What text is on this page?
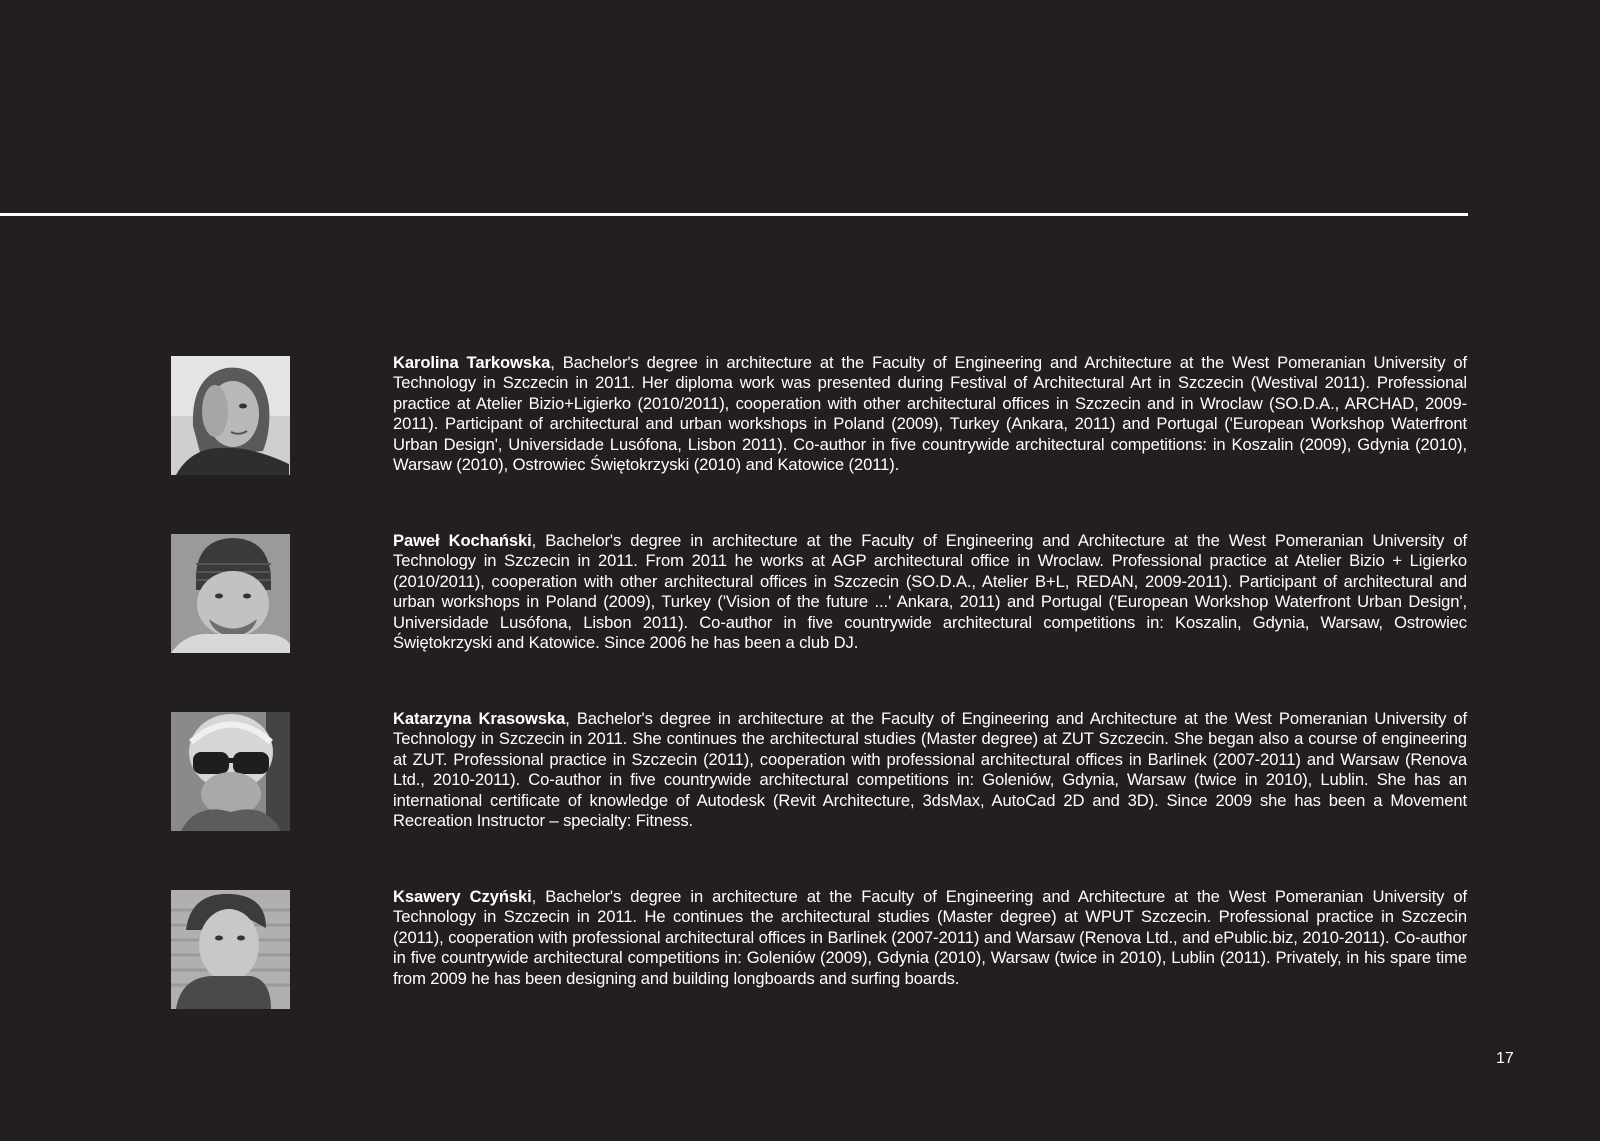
Karolina Tarkowska, Bachelor's degree in architecture at the Faculty of Engineering and Architecture at the West Pomeranian University of Technology in Szczecin in 2011. Her diploma work was presented during Festival of Architectural Art in Szczecin (Westival 2011). Professional practice at Atelier Bizio+Ligierko (2010/2011), cooperation with other architectural offices in Szczecin and in Wroclaw (SO.D.A., ARCHAD, 2009-2011). Participant of architectural and urban workshops in Poland (2009), Turkey (Ankara, 2011) and Portugal ('European Workshop Waterfront Urban Design', Universidade Lusófona, Lisbon 2011). Co-author in five countrywide architectural competitions: in Koszalin (2009), Gdynia (2010), Warsaw (2010), Ostrowiec Świętokrzyski (2010) and Katowice (2011).

Paweł Kochański, Bachelor's degree in architecture at the Faculty of Engineering and Architecture at the West Pomeranian University of Technology in Szczecin in 2011. From 2011 he works at AGP architectural office in Wroclaw. Professional practice at Atelier Bizio + Ligierko (2010/2011), cooperation with other architectural offices in Szczecin (SO.D.A., Atelier B+L, REDAN, 2009-2011). Participant of architectural and urban workshops in Poland (2009), Turkey ('Vision of the future ...' Ankara, 2011) and Portugal ('European Workshop Waterfront Urban Design', Universidade Lusófona, Lisbon 2011). Co-author in five countrywide architectural competitions in: Koszalin, Gdynia, Warsaw, Ostrowiec Świętokrzyski and Katowice. Since 2006 he has been a club DJ.

Katarzyna Krasowska, Bachelor's degree in architecture at the Faculty of Engineering and Architecture at the West Pomeranian University of Technology in Szczecin in 2011. She continues the architectural studies (Master degree) at ZUT Szczecin. She began also a course of engineering at ZUT. Professional practice in Szczecin (2011), cooperation with professional architectural offices in Barlinek (2007-2011) and Warsaw (Renova Ltd., 2010-2011). Co-author in five countrywide architectural competitions in: Goleniów, Gdynia, Warsaw (twice in 2010), Lublin. She has an international certificate of knowledge of Autodesk (Revit Architecture, 3dsMax, AutoCad 2D and 3D). Since 2009 she has been a Movement Recreation Instructor – specialty: Fitness.

Ksawery Czyński, Bachelor's degree in architecture at the Faculty of Engineering and Architecture at the West Pomeranian University of Technology in Szczecin in 2011. He continues the architectural studies (Master degree) at WPUT Szczecin. Professional practice in Szczecin (2011), cooperation with professional architectural offices in Barlinek (2007-2011) and Warsaw (Renova Ltd., and ePublic.biz, 2010-2011). Co-author in five countrywide architectural competitions in: Goleniów (2009), Gdynia (2010), Warsaw (twice in 2010), Lublin (2011). Privately, in his spare time from 2009 he has been designing and building longboards and surfing boards.

17
